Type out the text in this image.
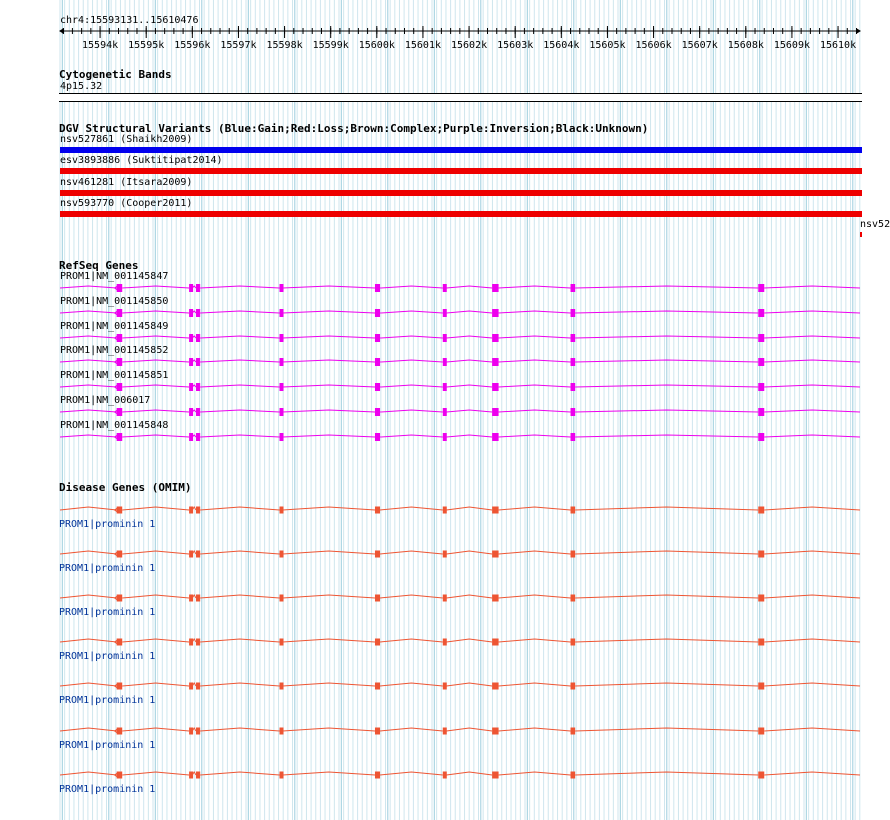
chr4:15593131..15610476
15594k 15595k 15596k 15597k 15598k 15599k 15600k 15601k 15602k 15603k 15604k 15605k 15606k 15607k 15608k 15609k 15610k
Cytogenetic Bands
4p15.32
DGV Structural Variants (Blue:Gain;Red:Loss;Brown:Complex;Purple:Inversion;Black:Unknown)
nsv527861 (Shaikh2009)
esv3893886 (Suktitipat2014)
nsv461281 (Itsara2009)
nsv593770 (Cooper2011)
nsv52
RefSeq Genes
PROM1|NM_001145847
PROM1|NM_001145850
PROM1|NM_001145849
PROM1|NM_001145852
PROM1|NM_001145851
PROM1|NM_006017
PROM1|NM_001145848
Disease Genes (OMIM)
PROM1|prominin 1
PROM1|prominin 1
PROM1|prominin 1
PROM1|prominin 1
PROM1|prominin 1
PROM1|prominin 1
PROM1|prominin 1
